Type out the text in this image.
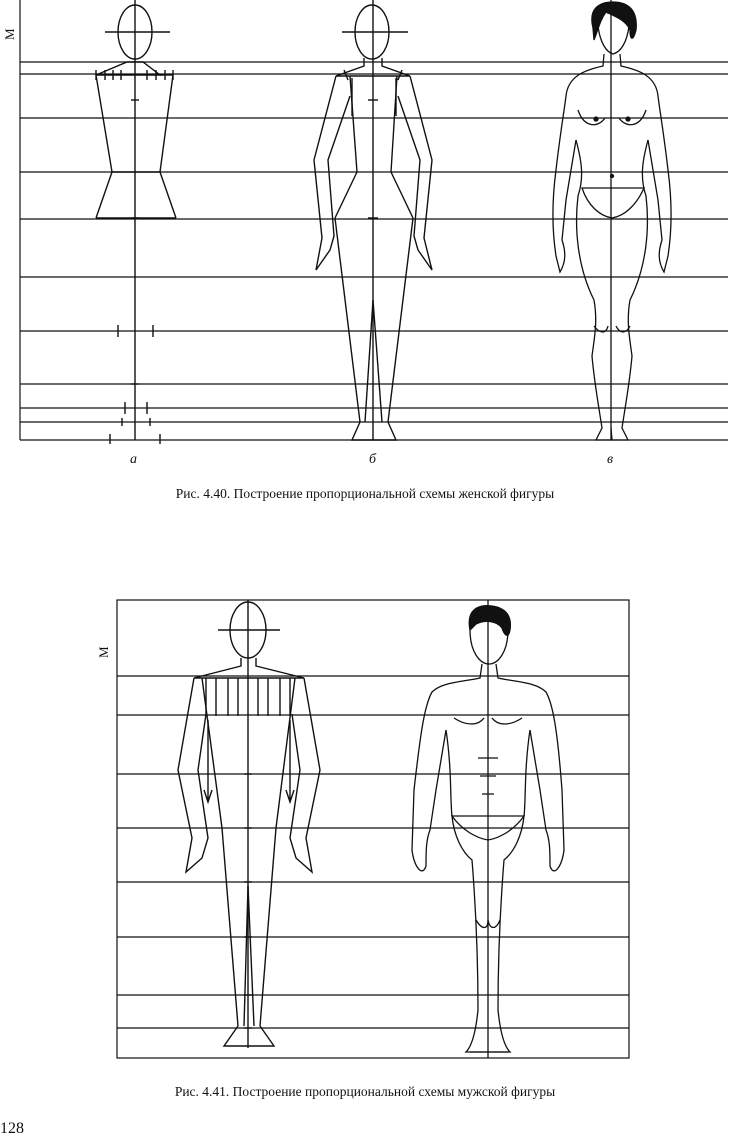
М
а	б	в
Рис. 4.40. Построение пропорциональной схемы женской фигуры
М
Рис. 4.41. Построение пропорциональной схемы мужской фигуры
128
